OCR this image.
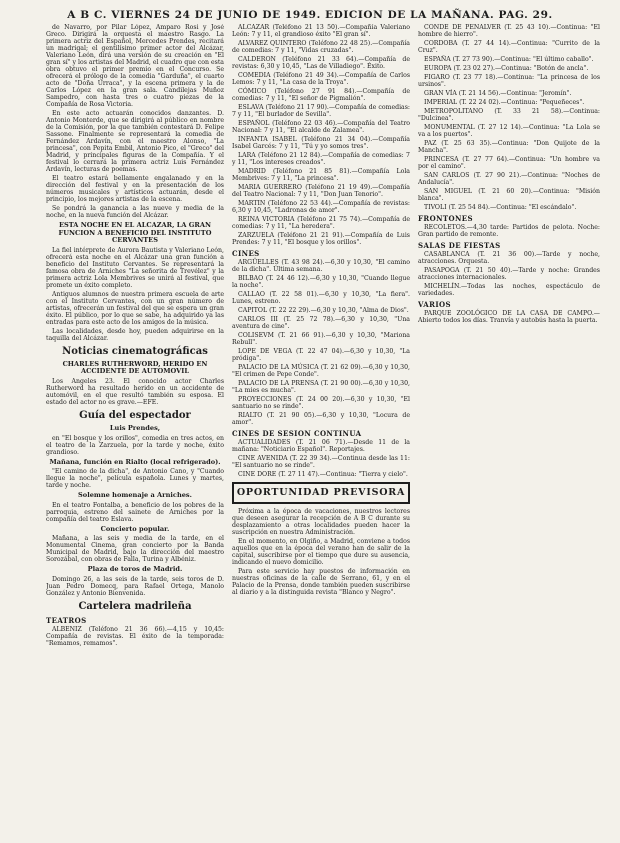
A B C. VIERNES 24 DE JUNIO DE 1949. EDICION DE LA MAÑANA. PAG. 29.

de Navarro, por Pilar López, Amparo Rosi y José Greco. Dirigirá la orquesta el maestro Rasgo. La primera actriz del Español, Mercedes Prendes, recitará un madrigal; el gentilísimo primer actor del Alcázar, Valeriano León, dirá una versión de su creación en "El gran sí" y los artistas del Madrid, el cuadro que con esta obra obtuvo el primer premio en el Concurso. Se ofrecerá el prólogo de la comedia "Garduña", el cuarto acto de "Doña Urraca", y la escena primera y la de Carlos López en la gran sala. Candilejas Muñoz Sampedro, con hasta tres o cuatro piezas de la Compañía de Rosa Victoria.

En este acto actuarán conocidos danzantes. D. Antonio Monterde, que se dirigirá al público en nombre de la Comisión, por la que también contestará D. Felipe Sassone. Finalmente se representará la comedia de Fernández Ardavín, con el maestro Alonso, "La princesa", con Pepita Embil, Antonio Pico, el "Greco" del Madrid, y principales figuras de la Compañía. Y el festival lo cerrará la primera actriz Luis Fernández Ardavín, lecturas de poemas.

El teatro estará bellamente engalanado y en la dirección del festival y en la presentación de los números musicales y artísticos actuarán, desde el principio, los mejores artistas de la escena.

Se pondrá la ganancia a las nueve y media de la noche, en la nueva función del Alcázar.

ESTA NOCHE EN EL ALCAZAR, LA GRAN FUNCION A BENEFICIO DEL INSTITUTO CERVANTES

La fiel intérprete de Aurora Bautista y Valeriano León, ofrecerá esta noche en el Alcázar una gran función a beneficio del Instituto Cervantes. Se representará la famosa obra de Arniches "La señorita de Trevélez" y la primera actriz Lola Membrives se unirá al festival, que promete un éxito completo.

Antiguos alumnos de nuestra primera escuela de arte con el Instituto Cervantes, con un gran número de artistas, ofrecerán un festival del que se espera un gran éxito. El público, por lo que se sabe, ha adquirido ya las entradas para este acto de los amigos de la música.

Las localidades, desde hoy, pueden adquirirse en la taquilla del Alcázar.

Noticias cinematográficas
CHARLES RUTHERWORD, HERIDO EN ACCIDENTE DE AUTOMOVIL

Los Angeles 23. El conocido actor Charles Rutherword ha resultado herido en un accidente de automóvil, en el que resultó también su esposa. El estado del actor no es grave.—EFE.

Guía del espectador
Luis Prendes,

en "El bosque y los orillos", comedia en tres actos, en el teatro de la Zarzuela, por la tarde y noche, éxito grandioso.

Mañana, función en Rialto (local refrigerado).

"El camino de la dicha", de Antonio Cano, y "Cuando llegue la noche", película española. Lunes y martes, tarde y noche.

Solemne homenaje a Arniches.

En el teatro Fontalba, a beneficio de los pobres de la parroquia, estreno del sainete de Arniches por la compañía del teatro Eslava.

Concierto popular.

Mañana, a las seis y media de la tarde, en el Monumental Cinema, gran concierto por la Banda Municipal de Madrid, bajo la dirección del maestro Sorozábal, con obras de Falla, Turina y Albéniz.

Plaza de toros de Madrid.

Domingo 26, a las seis de la tarde, seis toros de D. Juan Pedro Domecq, para Rafael Ortega, Manolo González y Antonio Bienvenida.

Cartelera madrileña
TEATROS

ALBENIZ (Teléfono 21 36 66).—4,15 y 10,45: Compañía de revistas. El éxito de la temporada: "Remamos, remamos".

ALCAZAR (Teléfono 21 13 50).—Compañía Valeriano León: 7 y 11, el grandioso éxito "El gran sí".

ALVAREZ QUINTERO (Teléfono 22 48 25).—Compañía de comedias: 7 y 11, "Vidas cruzadas".

CALDERON (Teléfono 21 33 64).—Compañía de revistas: 6,30 y 10,45, "Las de Villadiego". Éxito.

COMEDIA (Teléfono 21 49 34).—Compañía de Carlos Lemos: 7 y 11, "La casa de la Troya".

CÓMICO (Teléfono 27 91 84).—Compañía de comedias: 7 y 11, "El señor de Pigmalión".

ESLAVA (Teléfono 21 17 90).—Compañía de comedias: 7 y 11, "El burlador de Sevilla".

ESPAÑOL (Teléfono 22 03 46).—Compañía del Teatro Nacional: 7 y 11, "El alcalde de Zalamea".

INFANTA ISABEL (Teléfono 21 34 04).—Compañía Isabel Garcés: 7 y 11, "Tú y yo somos tres".

LARA (Teléfono 21 12 84).—Compañía de comedias: 7 y 11, "Los intereses creados".

MADRID (Teléfono 21 85 81).—Compañía Lola Membrives: 7 y 11, "La princesa".

MARIA GUERRERO (Teléfono 21 19 49).—Compañía del Teatro Nacional: 7 y 11, "Don Juan Tenorio".

MARTIN (Teléfono 22 53 44).—Compañía de revistas: 6,30 y 10,45, "Ladronas de amor".

REINA VICTORIA (Teléfono 21 75 74).—Compañía de comedias: 7 y 11, "La heredera".

ZARZUELA (Teléfono 21 21 91).—Compañía de Luis Prendes: 7 y 11, "El bosque y los orillos".

CINES

ARGÜELLES (T. 43 98 24).—6,30 y 10,30, "El camino de la dicha". Última semana.

BILBAO (T. 24 46 12).—6,30 y 10,30, "Cuando llegue la noche".

CALLAO (T. 22 58 01).—6,30 y 10,30, "La fiera". Lunes, estreno.

CAPITOL (T. 22 22 29).—6,30 y 10,30, "Alma de Dios".

CARLOS III (T. 25 72 78).—6,30 y 10,30, "Una aventura de cine".

COLISEVM (T. 21 66 91).—6,30 y 10,30, "Mariona Rebull".

LOPE DE VEGA (T. 22 47 04).—6,30 y 10,30, "La pródiga".

PALACIO DE LA MÚSICA (T. 21 62 09).—6,30 y 10,30, "El crimen de Pepe Conde".

PALACIO DE LA PRENSA (T. 21 90 00).—6,30 y 10,30, "La mies es mucha".

PROYECCIONES (T. 24 00 20).—6,30 y 10,30, "El santuario no se rinde".

RIALTO (T. 21 90 05).—6,30 y 10,30, "Locura de amor".

CINES DE SESION CONTINUA

ACTUALIDADES (T. 21 06 71).—Desde 11 de la mañana: "Noticiario Español". Reportajes.

CINE AVENIDA (T. 22 39 34).—Continua desde las 11: "El santuario no se rinde".

CINE DORE (T. 27 11 47).—Continua: "Tierra y cielo".

OPORTUNIDAD PREVISORA

Próxima a la época de vacaciones, nuestros lectores que deseen asegurar la recepción de A B C durante su desplazamiento a otras localidades pueden hacer la suscripción en nuestra Administración.

En el momento, en Olgiño, a Madrid, conviene a todos aquellos que en la época del verano han de salir de la capital, suscribirse por el tiempo que dure su ausencia, indicando el nuevo domicilio.

Para este servicio hay puestos de información en nuestras oficinas de la calle de Serrano, 61, y en el Palacio de la Prensa, donde también pueden suscribirse al diario y a la distinguida revista "Blanco y Negro".

CONDE DE PEÑALVER (T. 25 43 10).—Continua: "El hombre de hierro".

CORDOBA (T. 27 44 14).—Continua: "Currito de la Cruz".

ESPAÑA (T. 27 73 90).—Continua: "El último caballo".

EUROPA (T. 23 02 27).—Continua: "Botón de ancla".

FIGARO (T. 23 77 18).—Continua: "La princesa de los ursinos".

GRAN VÍA (T. 21 14 56).—Continua: "Jeromín".

IMPERIAL (T. 22 24 02).—Continua: "Pequeñeces".

METROPOLITANO (T. 33 21 58).—Continua: "Dulcinea".

MONUMENTAL (T. 27 12 14).—Continua: "La Lola se va a los puertos".

PAZ (T. 25 63 35).—Continua: "Don Quijote de la Mancha".

PRINCESA (T. 27 77 64).—Continua: "Un hombre va por el camino".

SAN CARLOS (T. 27 90 21).—Continua: "Noches de Andalucía".

SAN MIGUEL (T. 21 60 20).—Continua: "Misión blanca".

TIVOLI (T. 25 54 84).—Continua: "El escándalo".

FRONTONES

RECOLETOS.—4,30 tarde: Partidos de pelota. Noche: Gran partido de remonte.

SALAS DE FIESTAS

CASABLANCA (T. 21 36 00).—Tarde y noche, atracciones. Orquesta.

PASAPOGA (T. 21 50 40).—Tarde y noche: Grandes atracciones internacionales.

MICHELÍN.—Todas las noches, espectáculo de variedades.

VARIOS

PARQUE ZOOLÓGICO DE LA CASA DE CAMPO.—Abierto todos los días. Tranvía y autobús hasta la puerta.
